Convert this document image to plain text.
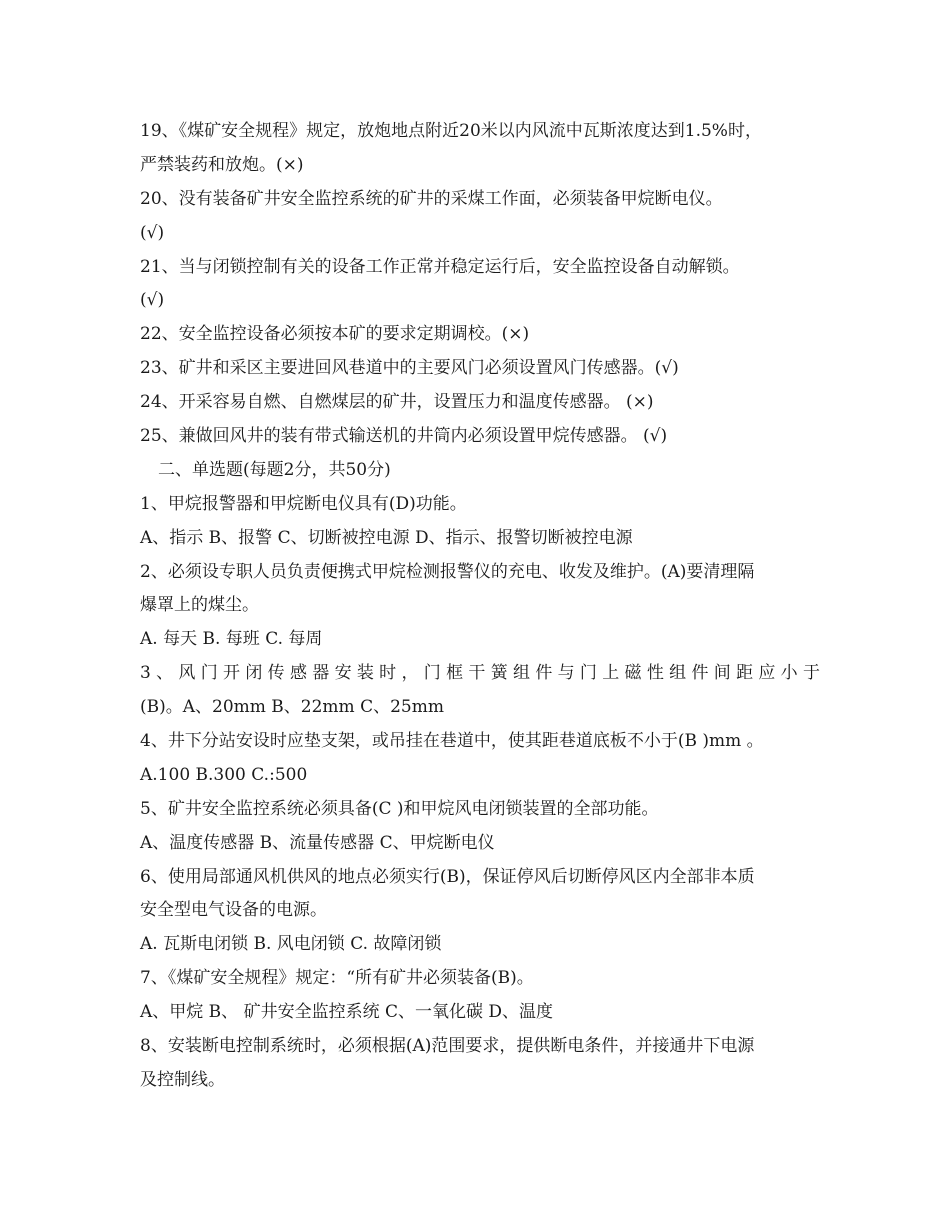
19、《煤矿安全规程》规定，放炮地点附近20米以内风流中瓦斯浓度达到1.5%时，
严禁装药和放炮。(×)
20、没有装备矿井安全监控系统的矿井的采煤工作面，必须装备甲烷断电仪。
(√)
21、当与闭锁控制有关的设备工作正常并稳定运行后，安全监控设备自动解锁。
(√)
22、安全监控设备必须按本矿的要求定期调校。(×)
23、矿井和采区主要进回风巷道中的主要风门必须设置风门传感器。(√)
24、开采容易自燃、自燃煤层的矿井，设置压力和温度传感器。 (×)
25、兼做回风井的装有带式输送机的井筒内必须设置甲烷传感器。 (√)
二、单选题(每题2分，共50分)
1、甲烷报警器和甲烷断电仪具有(D)功能。
A、指示 B、报警 C、切断被控电源 D、指示、报警切断被控电源
2、必须设专职人员负责便携式甲烷检测报警仪的充电、收发及维护。(A)要清理隔
爆罩上的煤尘。
A. 每天 B. 每班 C. 每周
3、风门开闭传感器安装时，门框干簧组件与门上磁性组件间距应小于
(B)。A、20mm B、22mm C、25mm
4、井下分站安设时应垫支架，或吊挂在巷道中，使其距巷道底板不小于(B )mm 。
A.100 B.300 C.:500
5、矿井安全监控系统必须具备(C )和甲烷风电闭锁装置的全部功能。
A、温度传感器 B、流量传感器 C、甲烷断电仪
6、使用局部通风机供风的地点必须实行(B)，保证停风后切断停风区内全部非本质
安全型电气设备的电源。
A. 瓦斯电闭锁 B. 风电闭锁 C. 故障闭锁
7、《煤矿安全规程》规定：“所有矿井必须装备(B)。
A、甲烷 B、 矿井安全监控系统 C、一氧化碳 D、温度
8、安装断电控制系统时，必须根据(A)范围要求，提供断电条件，并接通井下电源
及控制线。
